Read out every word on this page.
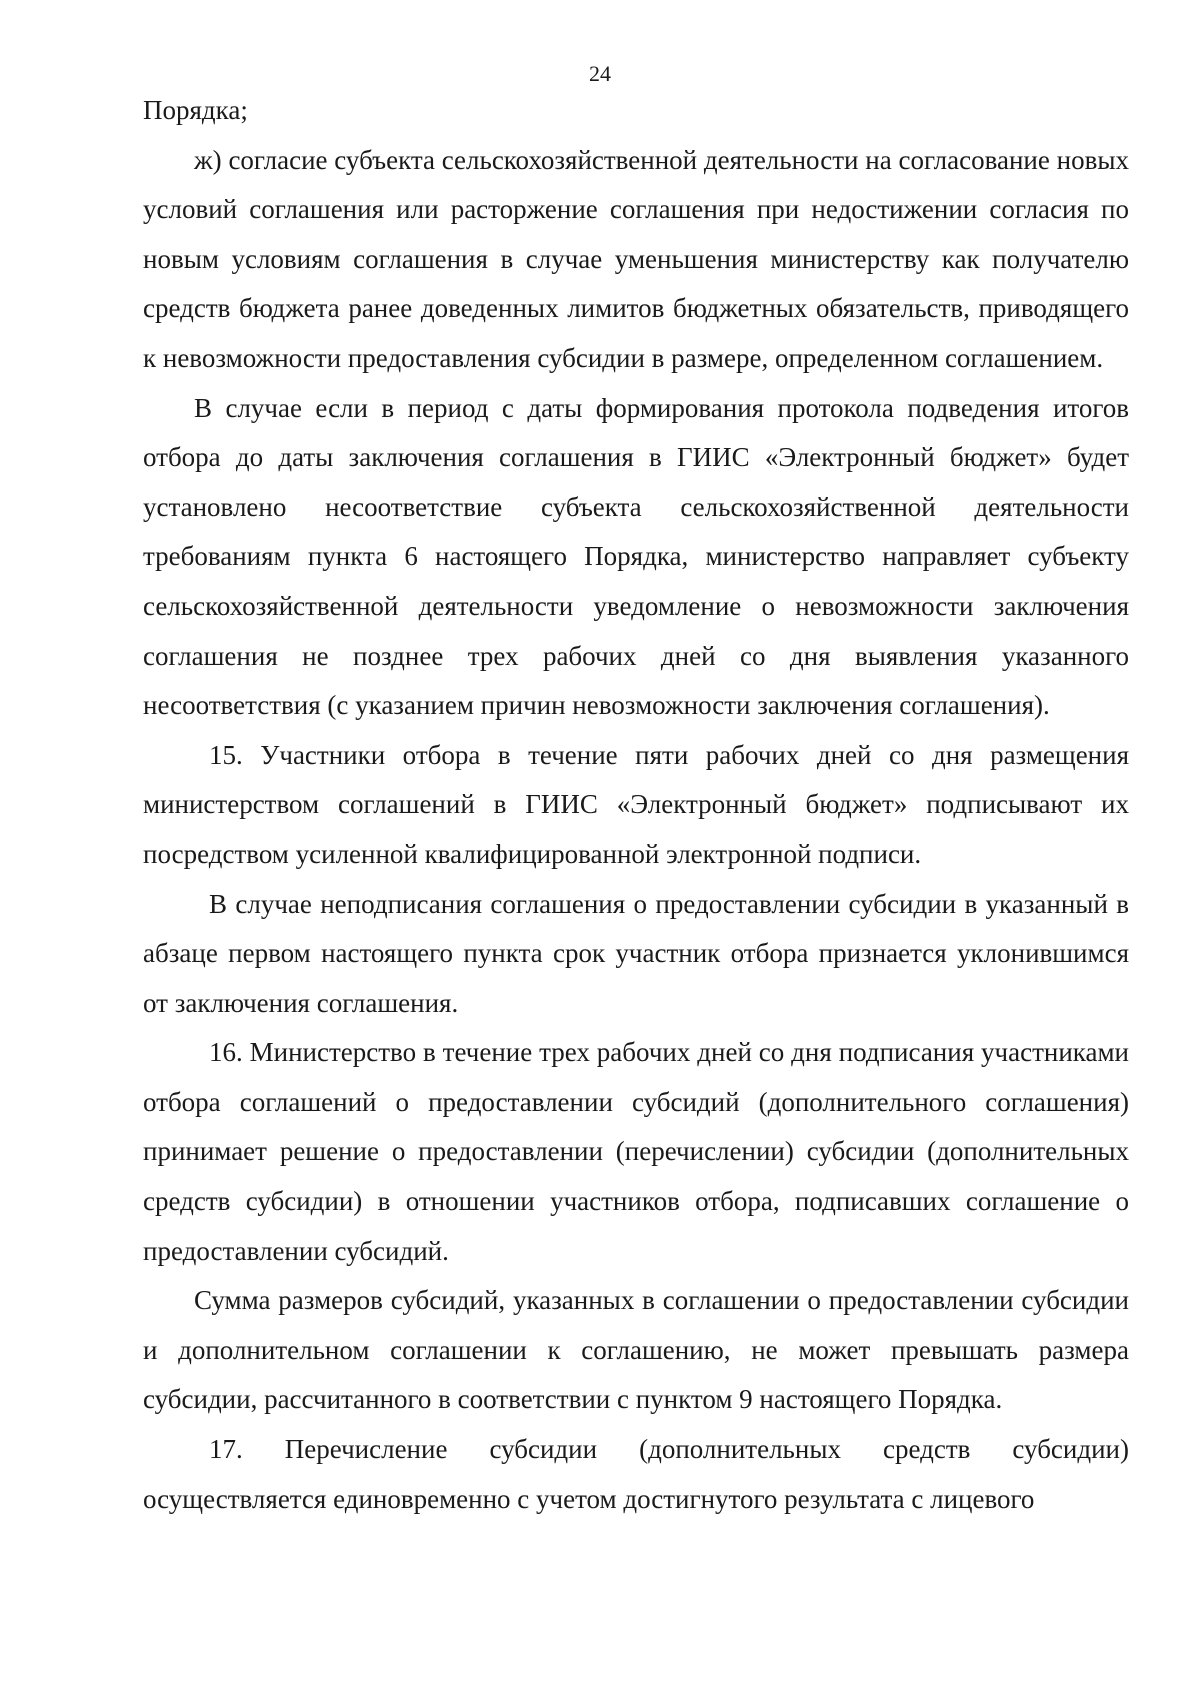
24

Порядка;

ж) согласие субъекта сельскохозяйственной деятельности на согласование новых условий соглашения или расторжение соглашения при недостижении согласия по новым условиям соглашения в случае уменьшения министерству как получателю средств бюджета ранее доведенных лимитов бюджетных обязательств, приводящего к невозможности предоставления субсидии в размере, определенном соглашением.

В случае если в период с даты формирования протокола подведения итогов отбора до даты заключения соглашения в ГИИС «Электронный бюджет» будет установлено несоответствие субъекта сельскохозяйственной деятельности требованиям пункта 6 настоящего Порядка, министерство направляет субъекту сельскохозяйственной деятельности уведомление о невозможности заключения соглашения не позднее трех рабочих дней со дня выявления указанного несоответствия (с указанием причин невозможности заключения соглашения).

15. Участники отбора в течение пяти рабочих дней со дня размещения министерством соглашений в ГИИС «Электронный бюджет» подписывают их посредством усиленной квалифицированной электронной подписи.

В случае неподписания соглашения о предоставлении субсидии в указанный в абзаце первом настоящего пункта срок участник отбора признается уклонившимся от заключения соглашения.

16. Министерство в течение трех рабочих дней со дня подписания участниками отбора соглашений о предоставлении субсидий (дополнительного соглашения) принимает решение о предоставлении (перечислении) субсидии (дополнительных средств субсидии) в отношении участников отбора, подписавших соглашение о предоставлении субсидий.

Сумма размеров субсидий, указанных в соглашении о предоставлении субсидии и дополнительном соглашении к соглашению, не может превышать размера субсидии, рассчитанного в соответствии с пунктом 9 настоящего Порядка.

17. Перечисление субсидии (дополнительных средств субсидии) осуществляется единовременно с учетом достигнутого результата с лицевого
